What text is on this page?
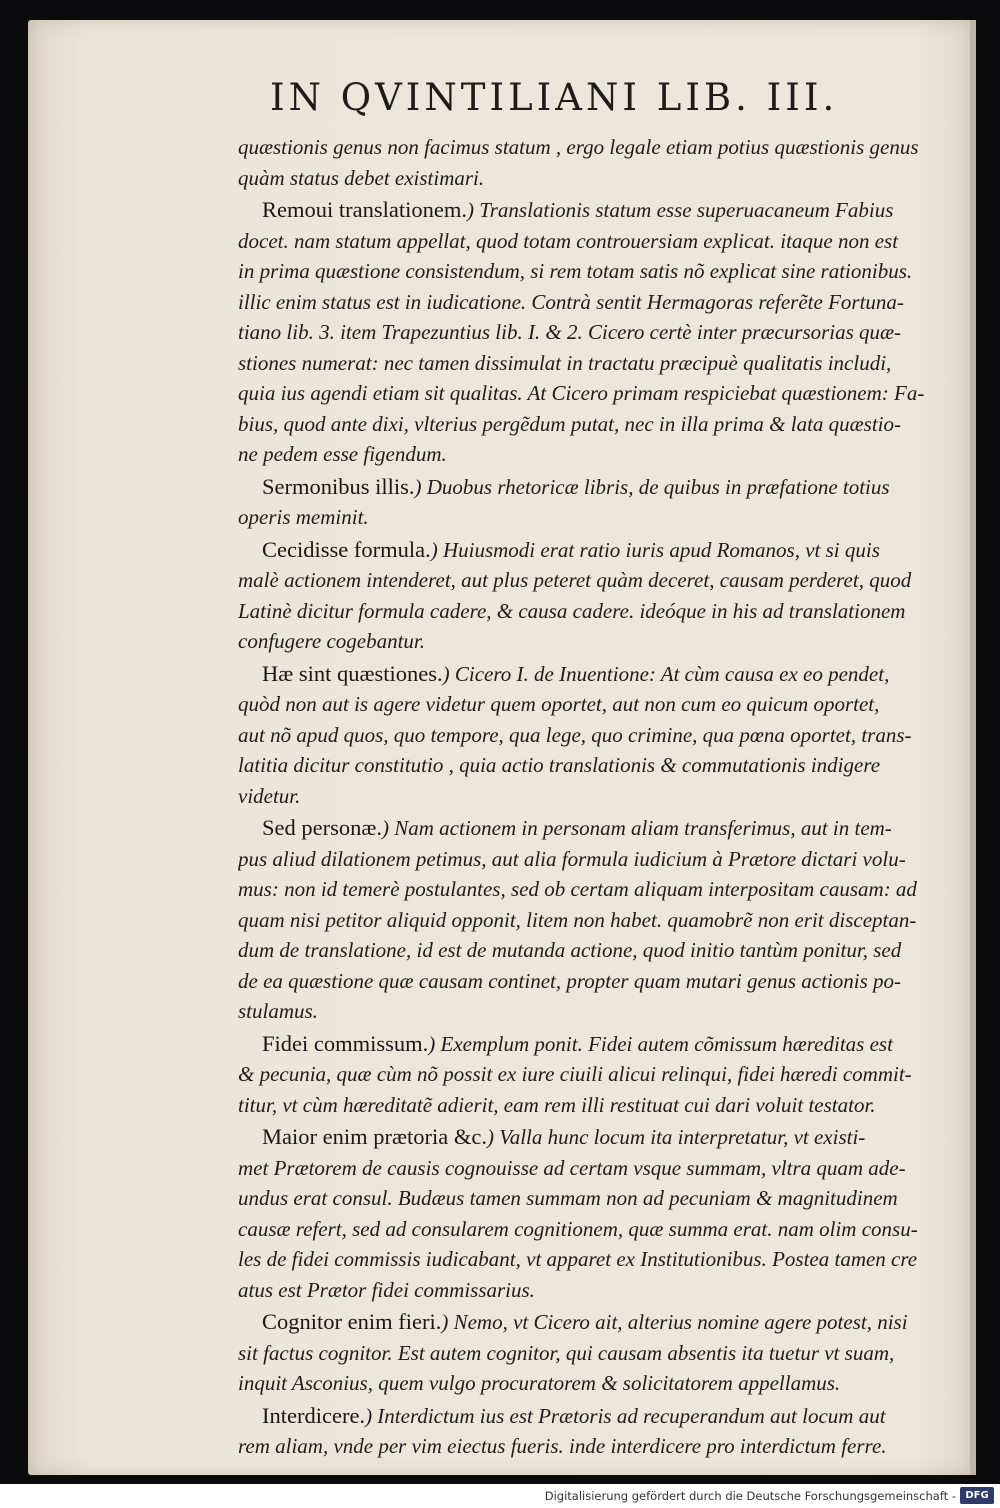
IN QVINTILIANI LIB. III.
quæstionis genus non facimus statum , ergo legale etiam potius quæstionis genus
quàm status debet existimari.
Remoui translationem.) Translationis statum esse superuacaneum Fabius
docet. nam statum appellat, quod totam controuersiam explicat. itaque non est
in prima quæstione consistendum, si rem totam satis nõ explicat sine rationibus.
illic enim status est in iudicatione. Contrà sentit Hermagoras referẽte Fortuna-
tiano lib. 3. item Trapezuntius lib. I. & 2. Cicero certè inter præcursorias quæ-
stiones numerat: nec tamen dissimulat in tractatu præcipuè qualitatis includi,
quia ius agendi etiam sit qualitas. At Cicero primam respiciebat quæstionem: Fa-
bius, quod ante dixi, vlterius pergẽdum putat, nec in illa prima & lata quæstio-
ne pedem esse figendum.
Sermonibus illis.) Duobus rhetoricæ libris, de quibus in præfatione totius
operis meminit.
Cecidisse formula.) Huiusmodi erat ratio iuris apud Romanos, vt si quis
malè actionem intenderet, aut plus peteret quàm deceret, causam perderet, quod
Latinè dicitur formula cadere, & causa cadere. ideóque in his ad translationem
confugere cogebantur.
Hæ sint quæstiones.) Cicero I. de Inuentione: At cùm causa ex eo pendet,
quòd non aut is agere videtur quem oportet, aut non cum eo quicum oportet,
aut nõ apud quos, quo tempore, qua lege, quo crimine, qua pœna oportet, trans-
latitia dicitur constitutio , quia actio translationis & commutationis indigere
videtur.
Sed personæ.) Nam actionem in personam aliam transferimus, aut in tem-
pus aliud dilationem petimus, aut alia formula iudicium à Prætore dictari volu-
mus: non id temerè postulantes, sed ob certam aliquam interpositam causam: ad
quam nisi petitor aliquid opponit, litem non habet. quamobrẽ non erit disceptan-
dum de translatione, id est de mutanda actione, quod initio tantùm ponitur, sed
de ea quæstione quæ causam continet, propter quam mutari genus actionis po-
stulamus.
Fidei commissum.) Exemplum ponit. Fidei autem cõmissum hæreditas est
& pecunia, quæ cùm nõ possit ex iure ciuili alicui relinqui, fidei hæredi commit-
titur, vt cùm hæreditatẽ adierit, eam rem illi restituat cui dari voluit testator.
Maior enim prætoria &c.) Valla hunc locum ita interpretatur, vt existi-
met Prætorem de causis cognouisse ad certam vsque summam, vltra quam ade-
undus erat consul. Budæus tamen summam non ad pecuniam & magnitudinem
causæ refert, sed ad consularem cognitionem, quæ summa erat. nam olim consu-
les de fidei commissis iudicabant, vt apparet ex Institutionibus. Postea tamen cre
atus est Prætor fidei commissarius.
Cognitor enim fieri.) Nemo, vt Cicero ait, alterius nomine agere potest, nisi
sit factus cognitor. Est autem cognitor, qui causam absentis ita tuetur vt suam,
inquit Asconius, quem vulgo procuratorem & solicitatorem appellamus.
Interdicere.) Interdictum ius est Prætoris ad recuperandum aut locum aut
rem aliam, vnde per vim eiectus fueris. inde interdicere pro interdictum ferre.
Digitalisierung gefördert durch die Deutsche Forschungsgemeinschaft - DFG
